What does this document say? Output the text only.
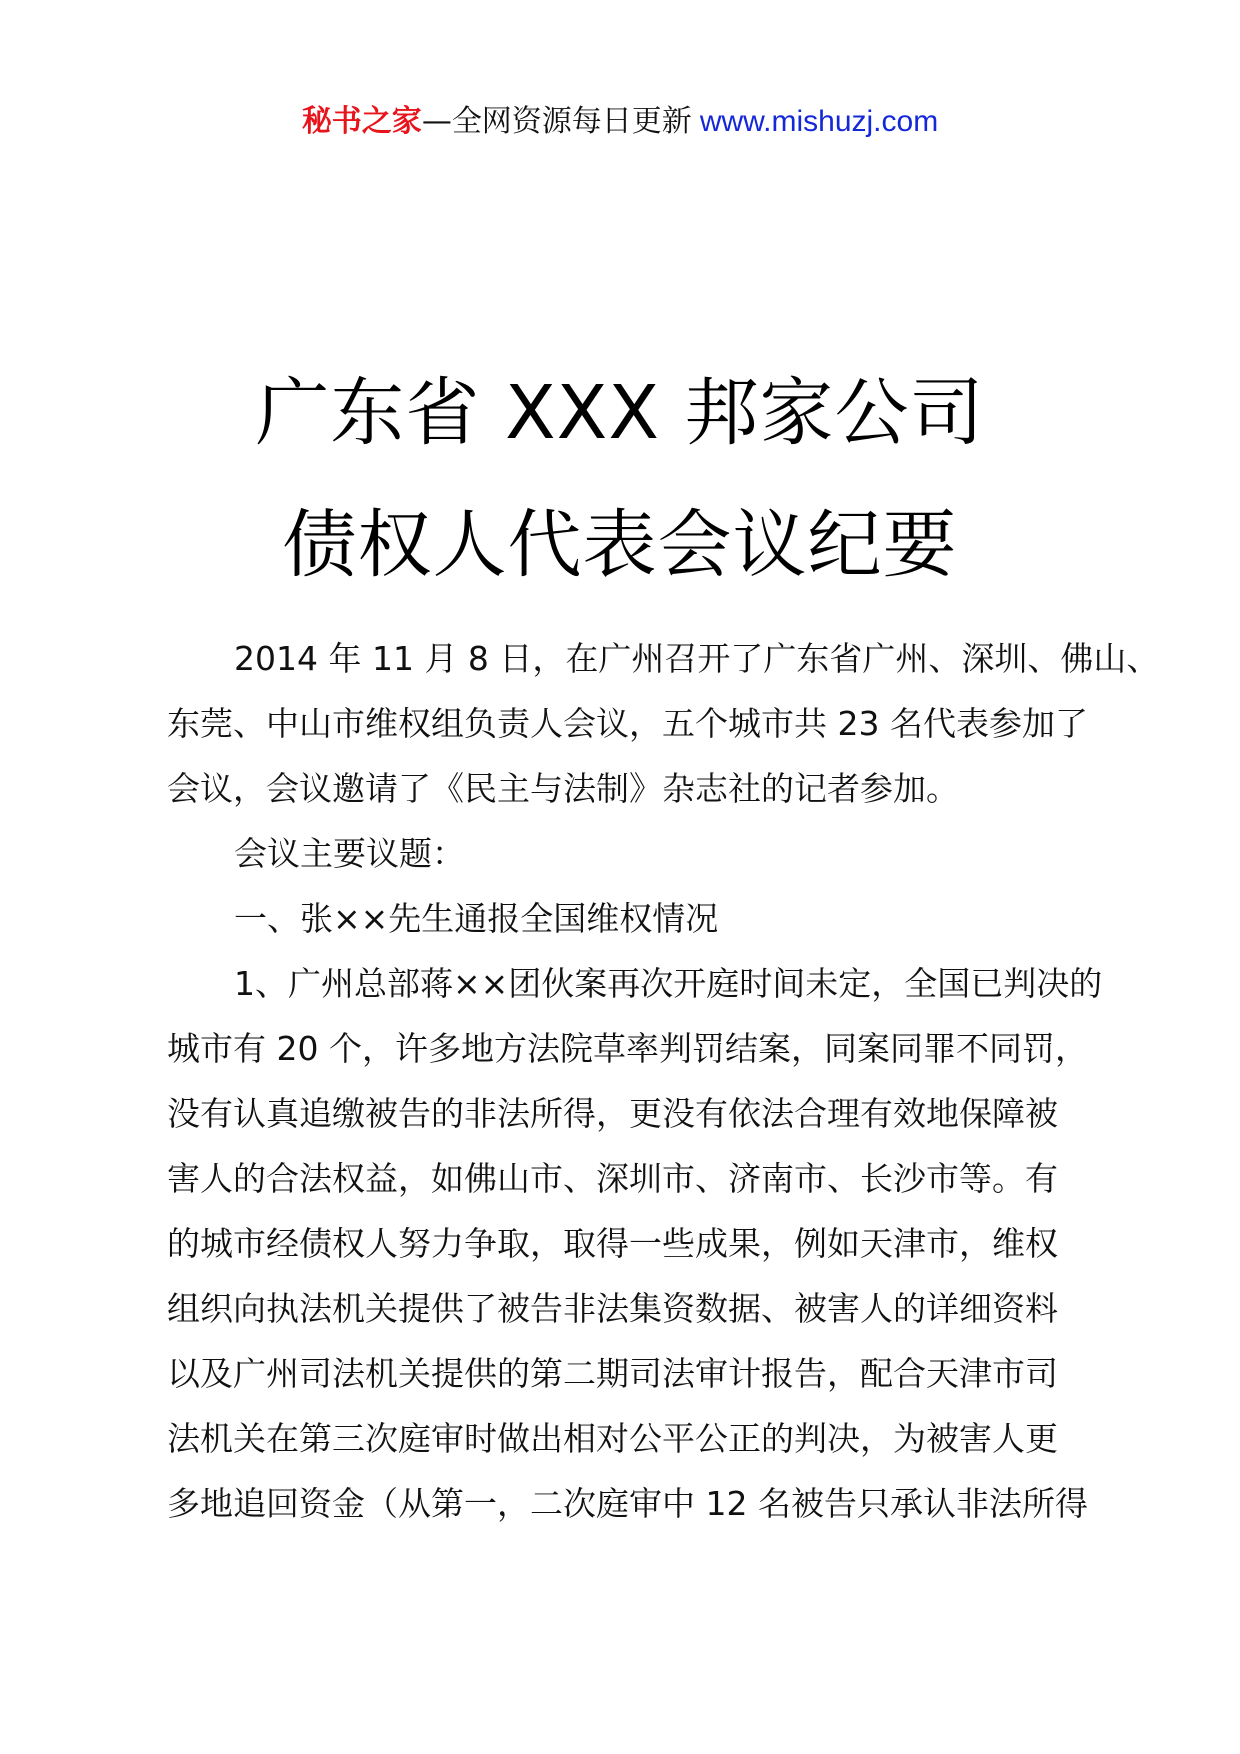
秘书之家—全网资源每日更新 www.mishuzj.com
广东省 XXX 邦家公司
债权人代表会议纪要
2014 年 11 月 8 日，在广州召开了广东省广州、深圳、佛山、
东莞、中山市维权组负责人会议，五个城市共 23 名代表参加了
会议，会议邀请了《民主与法制》杂志社的记者参加。
会议主要议题：
一、张××先生通报全国维权情况
1、广州总部蒋××团伙案再次开庭时间未定，全国已判决的
城市有 20 个，许多地方法院草率判罚结案，同案同罪不同罚，
没有认真追缴被告的非法所得，更没有依法合理有效地保障被
害人的合法权益，如佛山市、深圳市、济南市、长沙市等。有
的城市经债权人努力争取，取得一些成果，例如天津市，维权
组织向执法机关提供了被告非法集资数据、被害人的详细资料
以及广州司法机关提供的第二期司法审计报告，配合天津市司
法机关在第三次庭审时做出相对公平公正的判决，为被害人更
多地追回资金（从第一，二次庭审中 12 名被告只承认非法所得
